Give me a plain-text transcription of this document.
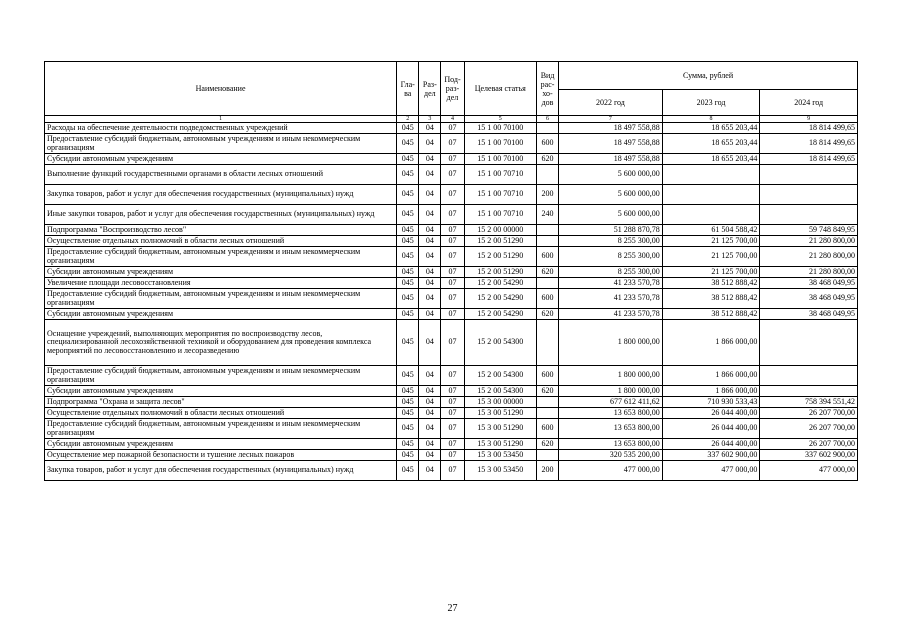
Наименование	Гла-ва	Раз-дел	Под-раз-дел	Целевая статья	Вид рас-хо-дов	Сумма, рублей		
						2022 год	2023 год	2024 год
1	2	3	4	5	6	7	8	9
Расходы на обеспечение деятельности подведомственных учреждений	045	04	07	15 1 00 70100		18 497 558,88	18 655 203,44	18 814 499,65
Предоставление субсидий бюджетным, автономным учреждениям и иным некоммерческим организациям	045	04	07	15 1 00 70100	600	18 497 558,88	18 655 203,44	18 814 499,65
Субсидии автономным учреждениям	045	04	07	15 1 00 70100	620	18 497 558,88	18 655 203,44	18 814 499,65
Выполнение функций государственными органами в области лесных отношений	045	04	07	15 1 00 70710		5 600 000,00		
Закупка товаров, работ и услуг для обеспечения государственных (муниципальных) нужд	045	04	07	15 1 00 70710	200	5 600 000,00		
Иные закупки товаров, работ и услуг для обеспечения государственных (муниципальных) нужд	045	04	07	15 1 00 70710	240	5 600 000,00		
Подпрограмма "Воспроизводство лесов"	045	04	07	15 2 00 00000		51 288 870,78	61 504 588,42	59 748 849,95
Осуществление отдельных полномочий в области лесных отношений	045	04	07	15 2 00 51290		8 255 300,00	21 125 700,00	21 280 800,00
Предоставление субсидий бюджетным, автономным учреждениям и иным некоммерческим организациям	045	04	07	15 2 00 51290	600	8 255 300,00	21 125 700,00	21 280 800,00
Субсидии автономным учреждениям	045	04	07	15 2 00 51290	620	8 255 300,00	21 125 700,00	21 280 800,00
Увеличение площади лесовосстановления	045	04	07	15 2 00 54290		41 233 570,78	38 512 888,42	38 468 049,95
Предоставление субсидий бюджетным, автономным учреждениям и иным некоммерческим организациям	045	04	07	15 2 00 54290	600	41 233 570,78	38 512 888,42	38 468 049,95
Субсидии автономным учреждениям	045	04	07	15 2 00 54290	620	41 233 570,78	38 512 888,42	38 468 049,95
Оснащение учреждений, выполняющих мероприятия по воспроизводству лесов, специализированной лесохозяйственной техникой и оборудованием для проведения комплекса мероприятий по лесовосстановлению и лесоразведению	045	04	07	15 2 00 54300		1 800 000,00	1 866 000,00	
Предоставление субсидий бюджетным, автономным учреждениям и иным некоммерческим организациям	045	04	07	15 2 00 54300	600	1 800 000,00	1 866 000,00	
Субсидии автономным учреждениям	045	04	07	15 2 00 54300	620	1 800 000,00	1 866 000,00	
Подпрограмма "Охрана и защита лесов"	045	04	07	15 3 00 00000		677 612 411,62	710 930 533,43	758 394 551,42
Осуществление отдельных полномочий в области лесных отношений	045	04	07	15 3 00 51290		13 653 800,00	26 044 400,00	26 207 700,00
Предоставление субсидий бюджетным, автономным учреждениям и иным некоммерческим организациям	045	04	07	15 3 00 51290	600	13 653 800,00	26 044 400,00	26 207 700,00
Субсидии автономным учреждениям	045	04	07	15 3 00 51290	620	13 653 800,00	26 044 400,00	26 207 700,00
Осуществление мер пожарной безопасности и тушение лесных пожаров	045	04	07	15 3 00 53450		320 535 200,00	337 602 900,00	337 602 900,00
Закупка товаров, работ и услуг для обеспечения государственных (муниципальных) нужд	045	04	07	15 3 00 53450	200	477 000,00	477 000,00	477 000,00
27
